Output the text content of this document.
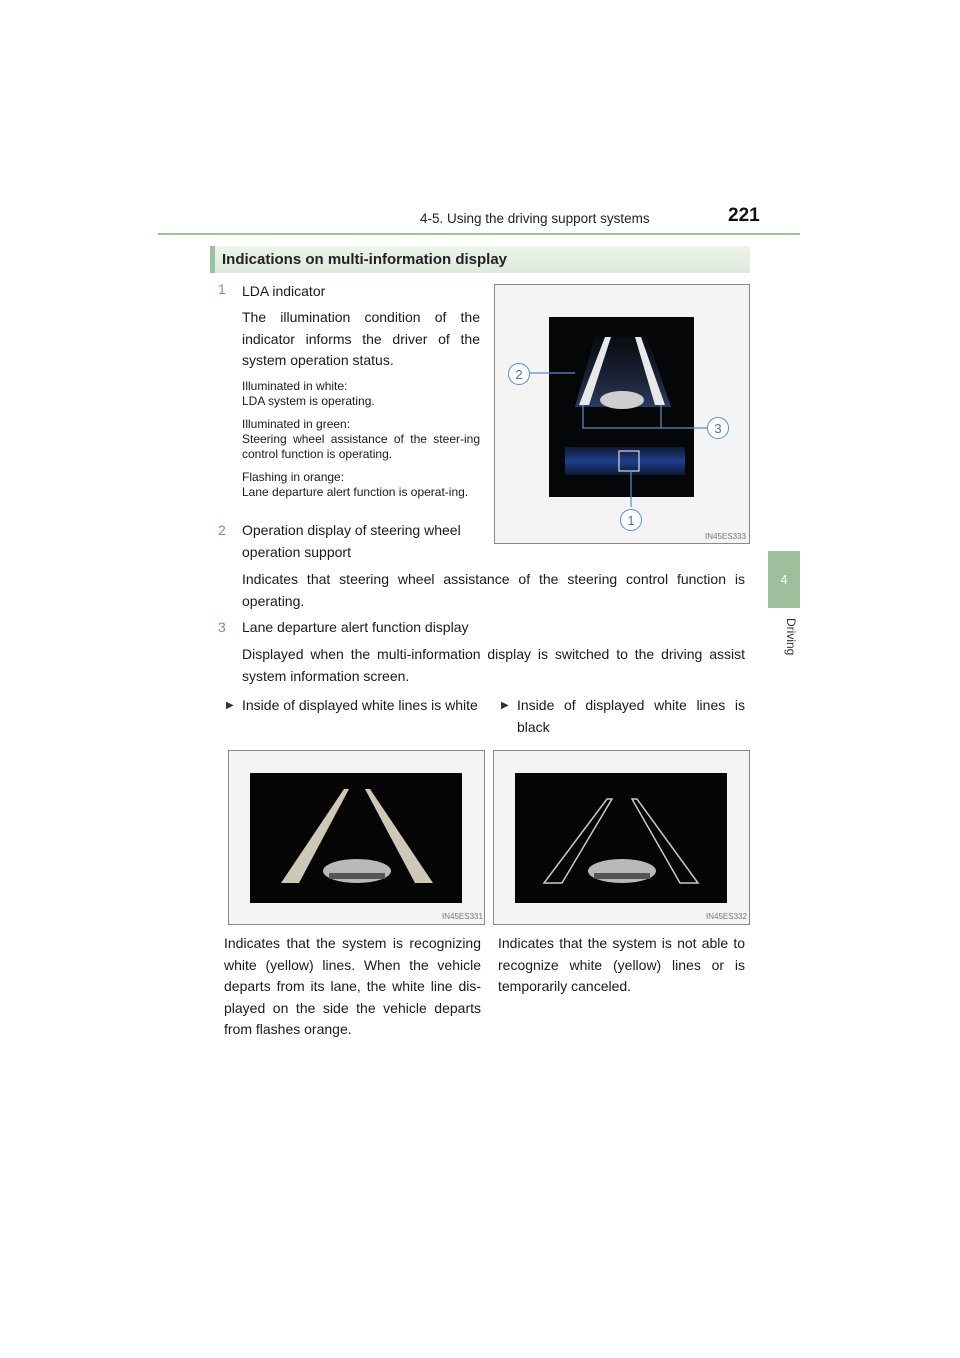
4-5. Using the driving support systems	221
4
Driving
Indications on multi-information display
1	LDA indicator
The illumination condition of the indicator informs the driver of the system operation status.
Illuminated in white:
LDA system is operating.
Illuminated in green:
Steering wheel assistance of the steer-ing control function is operating.
Flashing in orange:
Lane departure alert function is operat-ing.
2	Operation display of steering wheel operation support
Indicates that steering wheel assistance of the steering control function is operating.
3	Lane departure alert function display
Displayed when the multi-information display is switched to the driving assist system information screen.
2
3
1
IN45ES333
▶ Inside of displayed white lines is white ▶ Inside of displayed white lines is black
IN45ES331	IN45ES332
Indicates that the system is recognizing white (yellow) lines. When the vehicle departs from its lane, the white line dis-played on the side the vehicle departs from flashes orange.
Indicates that the system is not able to recognize white (yellow) lines or is temporarily canceled.
